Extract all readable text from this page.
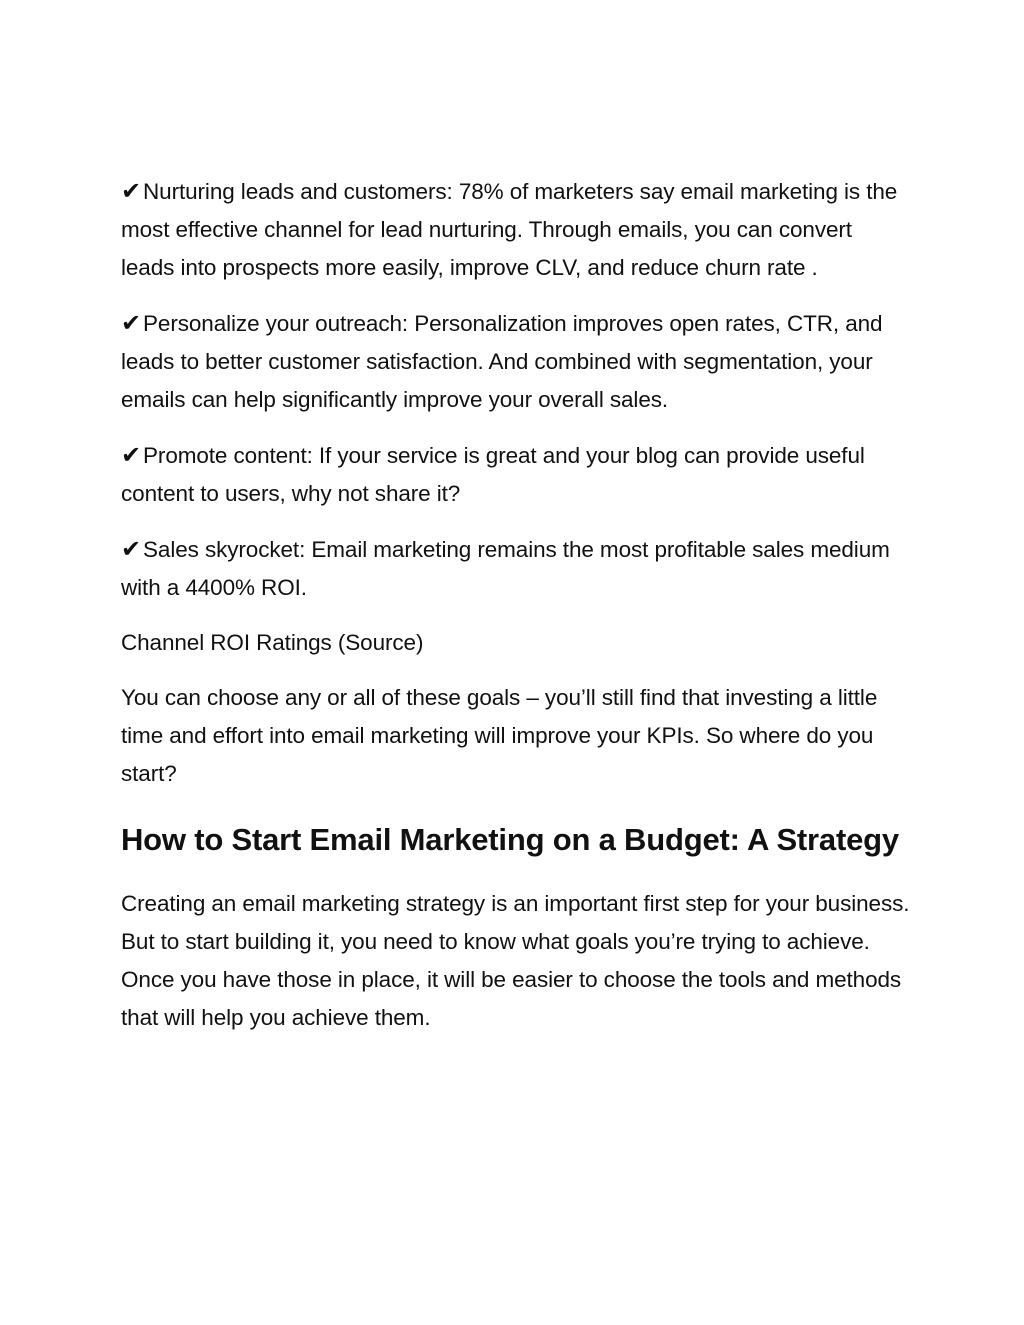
✔Nurturing leads and customers: 78% of marketers say email marketing is the most effective channel for lead nurturing. Through emails, you can convert leads into prospects more easily, improve CLV, and reduce churn rate .

✔Personalize your outreach: Personalization improves open rates, CTR, and leads to better customer satisfaction. And combined with segmentation, your emails can help significantly improve your overall sales.

✔Promote content: If your service is great and your blog can provide useful content to users, why not share it?

✔Sales skyrocket: Email marketing remains the most profitable sales medium with a 4400% ROI.

Channel ROI Ratings (Source)

You can choose any or all of these goals – you’ll still find that investing a little time and effort into email marketing will improve your KPIs. So where do you start?

How to Start Email Marketing on a Budget: A Strategy

Creating an email marketing strategy is an important first step for your business. But to start building it, you need to know what goals you’re trying to achieve. Once you have those in place, it will be easier to choose the tools and methods that will help you achieve them.
